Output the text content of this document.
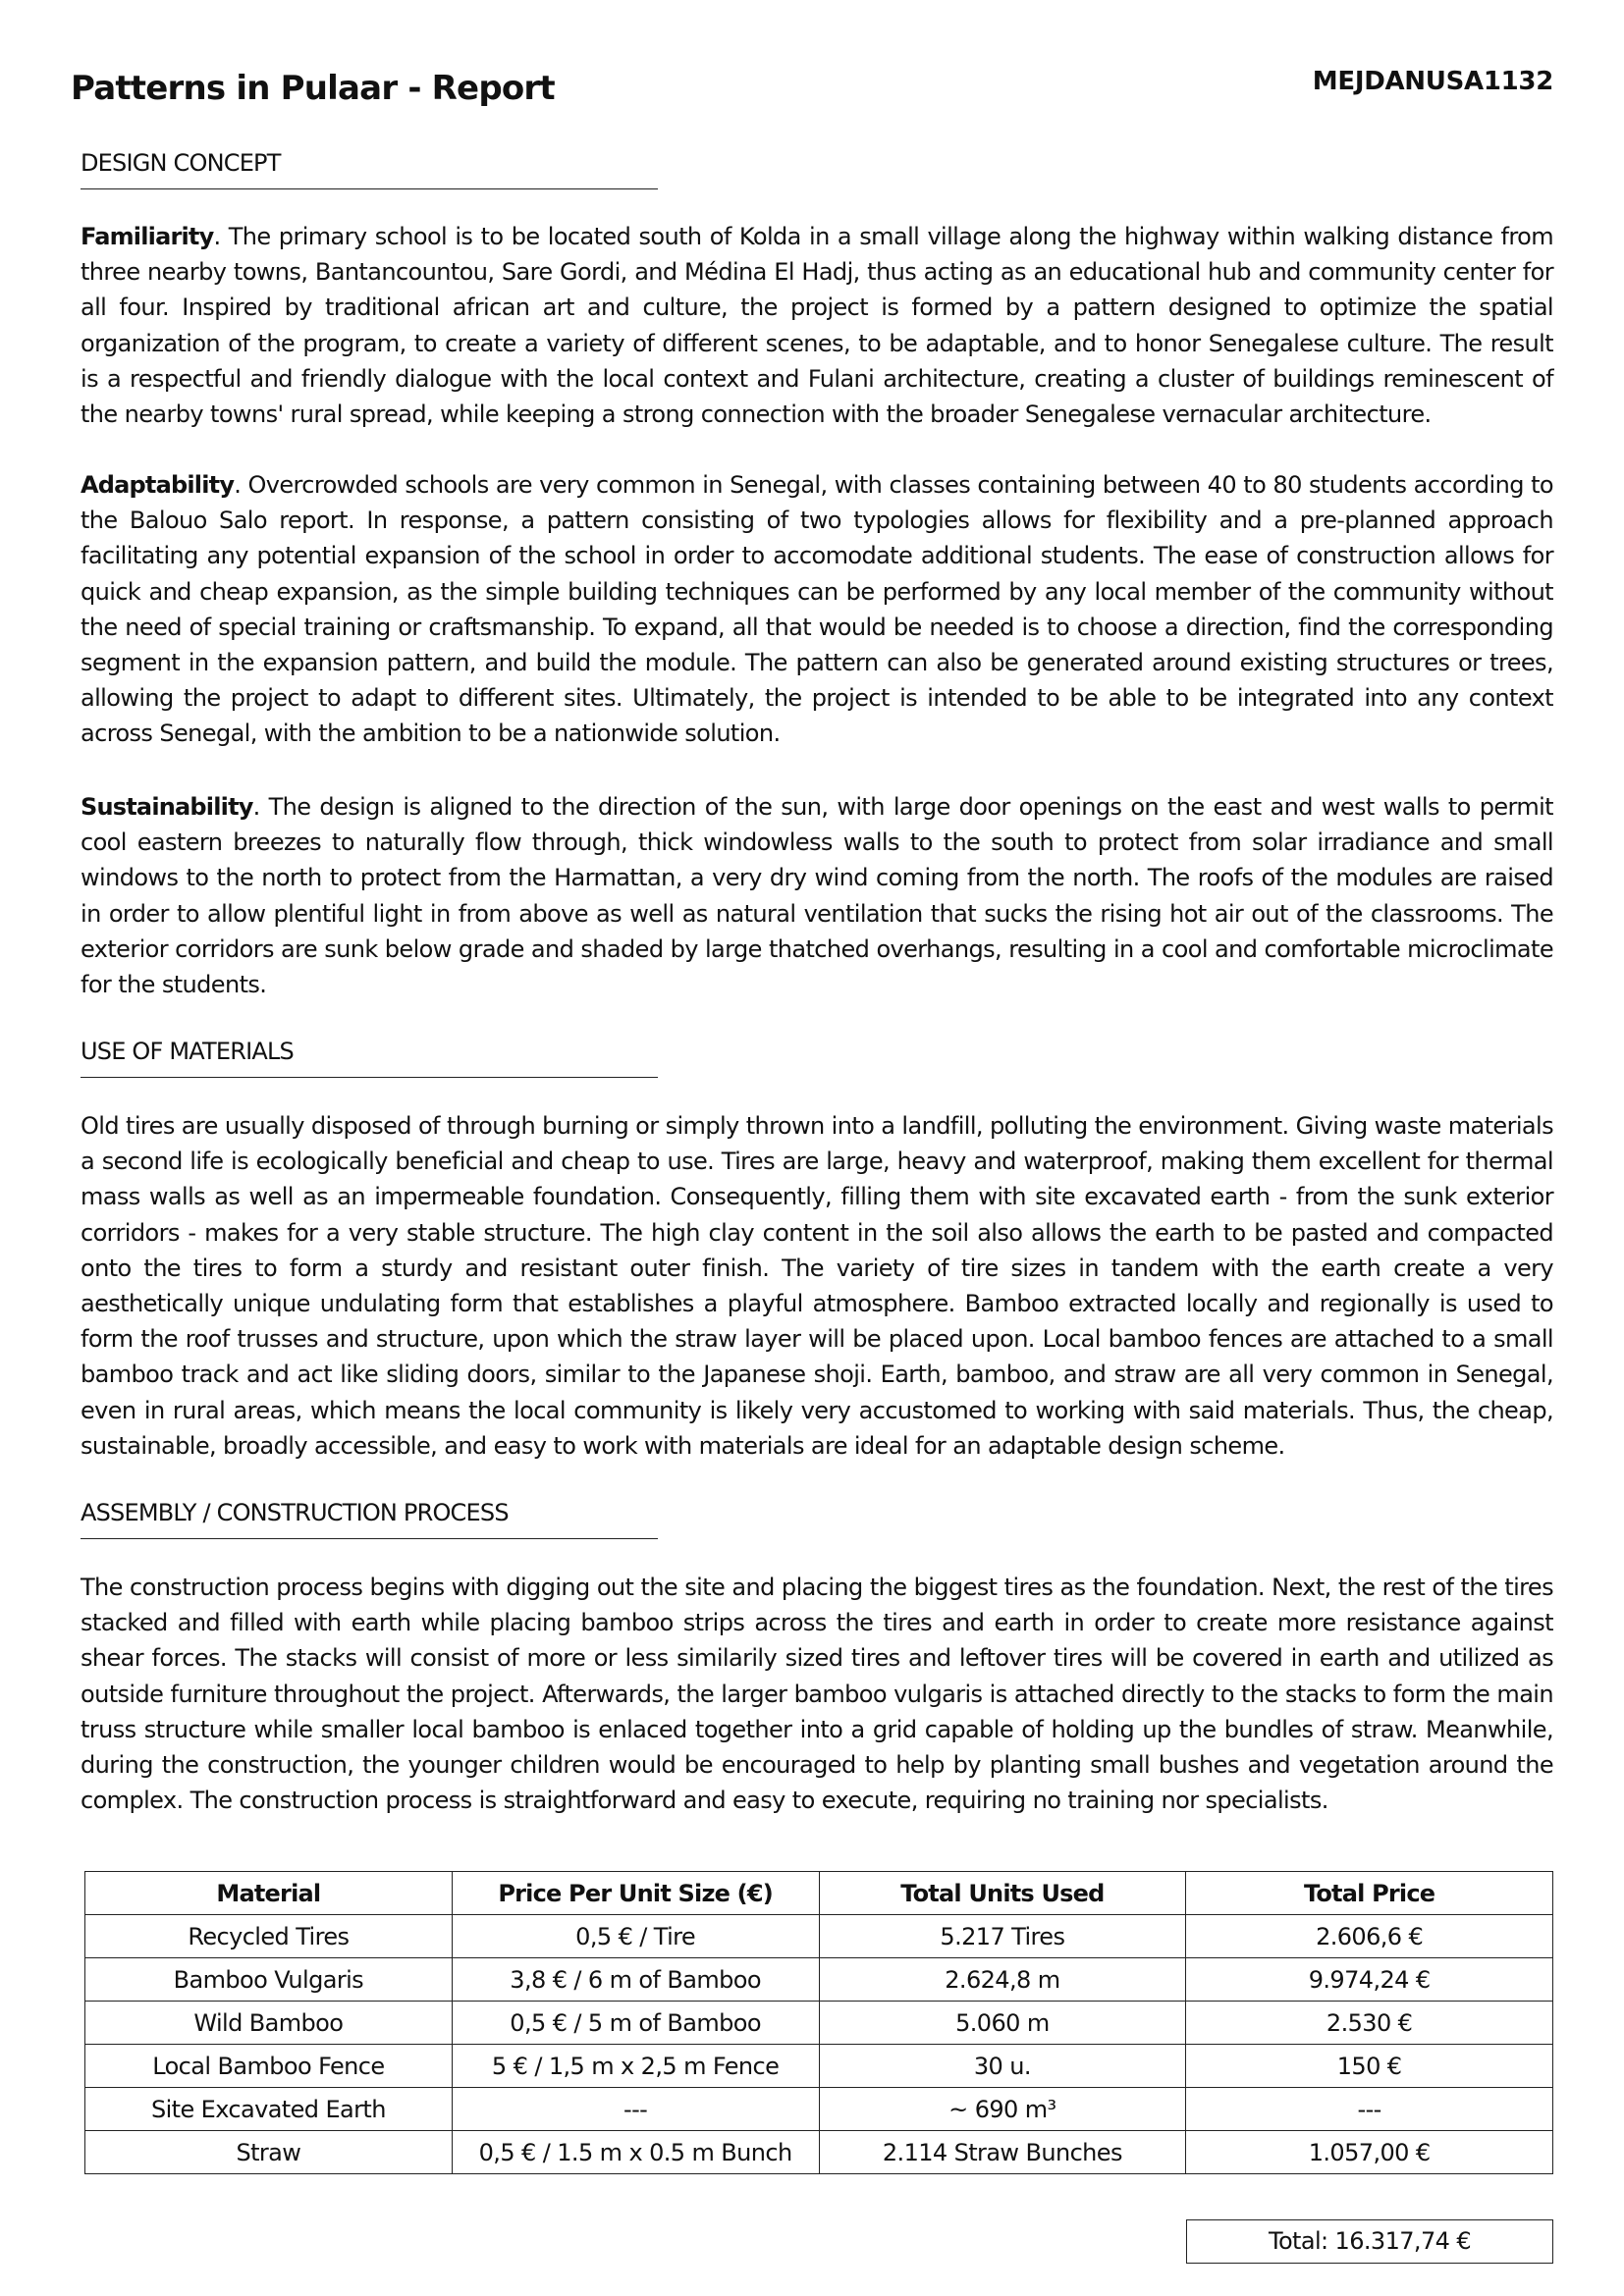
Patterns in Pulaar - Report	MEJDANUSA1132
DESIGN CONCEPT

Familiarity. The primary school is to be located south of Kolda in a small village along the highway within walking distance from three nearby towns, Bantancountou, Sare Gordi, and Médina El Hadj, thus acting as an educational hub and community center for all four. Inspired by traditional african art and culture, the project is formed by a pattern designed to optimize the spatial organization of the program, to create a variety of different scenes, to be adaptable, and to honor Senegalese culture. The result is a respectful and friendly dialogue with the local context and Fulani architecture, creating a cluster of buildings reminescent of the nearby towns' rural spread, while keeping a strong connection with the broader Senegalese vernacular architecture.

Adaptability. Overcrowded schools are very common in Senegal, with classes containing between 40 to 80 students according to the Balouo Salo report. In response, a pattern consisting of two typologies allows for flexibility and a pre-planned approach facilitating any potential expansion of the school in order to accomodate additional students. The ease of construction allows for quick and cheap expansion, as the simple building techniques can be performed by any local member of the community without the need of special training or craftsmanship. To expand, all that would be needed is to choose a direction, find the corresponding segment in the expansion pattern, and build the module. The pattern can also be generated around existing structures or trees, allowing the project to adapt to different sites. Ultimately, the project is intended to be able to be integrated into any context across Senegal, with the ambition to be a nationwide solution.

Sustainability. The design is aligned to the direction of the sun, with large door openings on the east and west walls to permit cool eastern breezes to naturally flow through, thick windowless walls to the south to protect from solar irradiance and small windows to the north to protect from the Harmattan, a very dry wind coming from the north. The roofs of the modules are raised in order to allow plentiful light in from above as well as natural ventilation that sucks the rising hot air out of the classrooms. The exterior corridors are sunk below grade and shaded by large thatched overhangs, resulting in a cool and comfortable microclimate for the students.

USE OF MATERIALS

Old tires are usually disposed of through burning or simply thrown into a landfill, polluting the environment. Giving waste materials a second life is ecologically beneficial and cheap to use. Tires are large, heavy and waterproof, making them excellent for thermal mass walls as well as an impermeable foundation. Consequently, filling them with site excavated earth - from the sunk exterior corridors - makes for a very stable structure. The high clay content in the soil also allows the earth to be pasted and compacted onto the tires to form a sturdy and resistant outer finish. The variety of tire sizes in tandem with the earth create a very aesthetically unique undulating form that establishes a playful atmosphere. Bamboo extracted locally and regionally is used to form the roof trusses and structure, upon which the straw layer will be placed upon. Local bamboo fences are attached to a small bamboo track and act like sliding doors, similar to the Japanese shoji. Earth, bamboo, and straw are all very common in Senegal, even in rural areas, which means the local community is likely very accustomed to working with said materials. Thus, the cheap, sustainable, broadly accessible, and easy to work with materials are ideal for an adaptable design scheme.

ASSEMBLY / CONSTRUCTION PROCESS

The construction process begins with digging out the site and placing the biggest tires as the foundation. Next, the rest of the tires stacked and filled with earth while placing bamboo strips across the tires and earth in order to create more resistance against shear forces. The stacks will consist of more or less similarily sized tires and leftover tires will be covered in earth and utilized as outside furniture throughout the project. Afterwards, the larger bamboo vulgaris is attached directly to the stacks to form the main truss structure while smaller local bamboo is enlaced together into a grid capable of holding up the bundles of straw. Meanwhile, during the construction, the younger children would be encouraged to help by planting small bushes and vegetation around the complex. The construction process is straightforward and easy to execute, requiring no training nor specialists.

Material	Price Per Unit Size (€)	Total Units Used	Total Price
Recycled Tires	0,5 € / Tire	5.217 Tires	2.606,6 €
Bamboo Vulgaris	3,8 € / 6 m of Bamboo	2.624,8 m	9.974,24 €
Wild Bamboo	0,5 € / 5 m of Bamboo	5.060 m	2.530 €
Local Bamboo Fence	5 € / 1,5 m x 2,5 m Fence	30 u.	150 €
Site Excavated Earth	---	~ 690 m³	---
Straw	0,5 € / 1.5 m x 0.5 m Bunch	2.114 Straw Bunches	1.057,00 €
Total: 16.317,74 €
